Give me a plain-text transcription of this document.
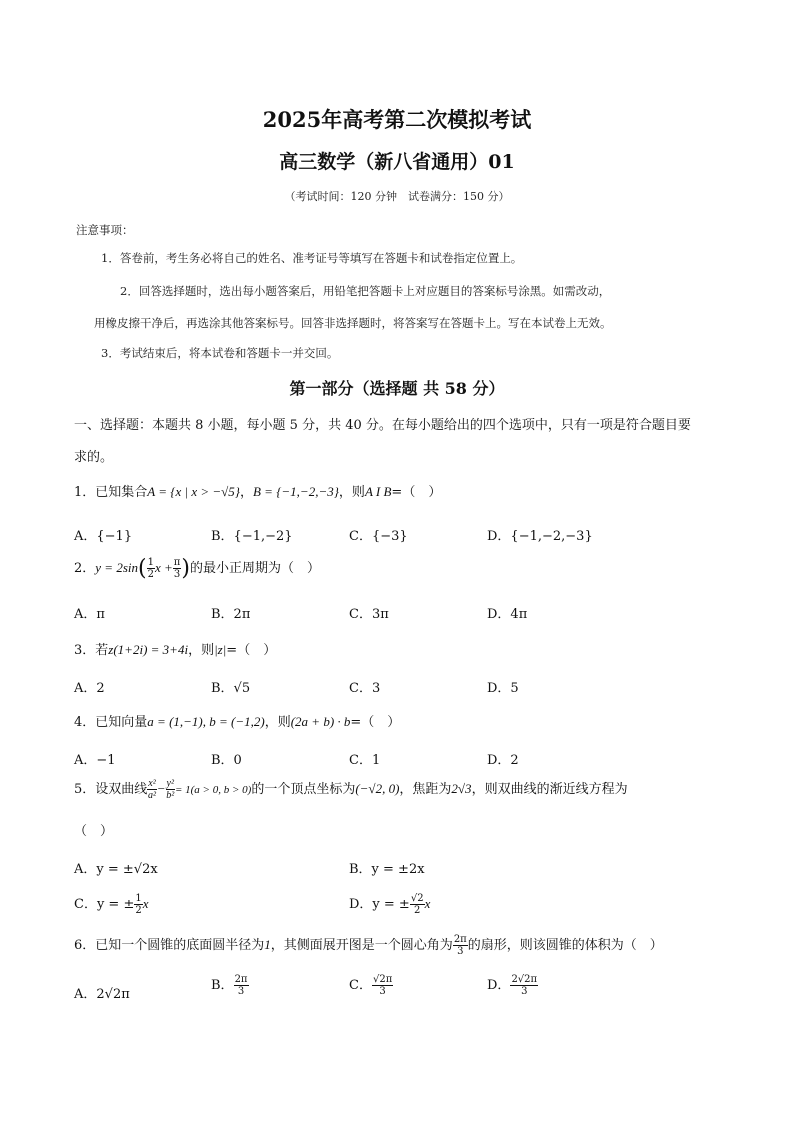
2025年高考第二次模拟考试
高三数学（新八省通用）01
（考试时间：120 分钟　试卷满分：150 分）
注意事项：
1．答卷前，考生务必将自己的姓名、准考证号等填写在答题卡和试卷指定位置上。
2．回答选择题时，选出每小题答案后，用铅笔把答题卡上对应题目的答案标号涂黑。如需改动，
用橡皮擦干净后，再选涂其他答案标号。回答非选择题时，将答案写在答题卡上。写在本试卷上无效。
3．考试结束后，将本试卷和答题卡一并交回。
第一部分（选择题 共 58 分）
一、选择题：本题共 8 小题，每小题 5 分，共 40 分。在每小题给出的四个选项中，只有一项是符合题目要
求的。
1．已知集合A = {x | x > −√5}，B = {−1,−2,−3}，则A I B=（　）
A．{−1}	B．{−1,−2}	C．{−3}	D．{−1,−2,−3}
2．$y = 2\sin( \frac{1}{2}$ $x + \frac{\pi}{3}$ )的最小正周期为（　）
A．π	B．2π	C．3π	D．4π
3．若z(1+2i) = 3+4i，则|z|=（　）
A．2	B．√5	C．3	D．5
4．已知向量a = (1,−1), b = (−1,2)，则(2a + b) · b=（　）
A．−1	B．0	C．1	D．2
5．设双曲线 $\frac{\text{x²}}{\text{a²}} - \frac{\text{y²}}{\text{b²}} = 1(a > 0$, b > 0)的一个顶点坐标为(−√2, 0)，焦距为2√3，则双曲线的渐近线方程为
（　）
A．y = ±√2x	B．y = ±2x
C．y = ± $\frac{1}{2}$ x	D．y = ± $\frac{√2}{2}$ x
6．已知一个圆锥的底面圆半径为1，其侧面展开图是一个圆心角为 $\frac{2\pi}{3}$ 的扇形，则该圆锥的体积为（　）
A．2√2π
B． $\frac{2\pi}{3}$	C． $\frac{√2\pi}{3}$	D． $\frac{2√2\pi}{3}$
